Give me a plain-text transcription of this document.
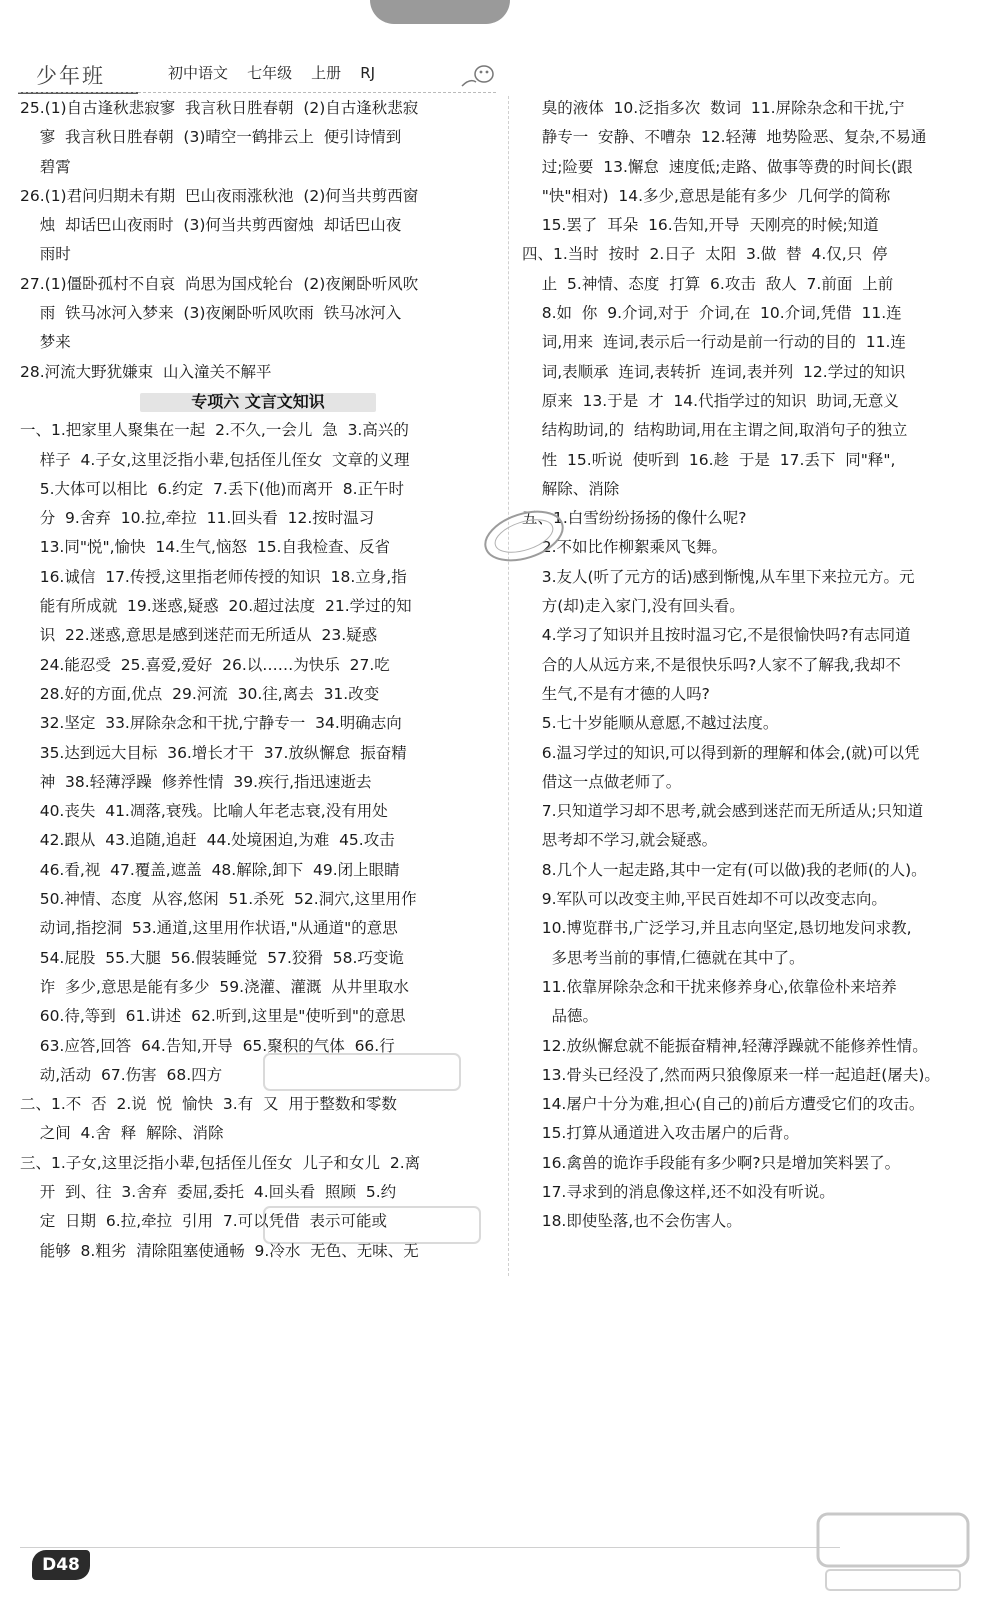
少年班	初中语文    七年级    上册    RJ
25.(1)自古逢秋悲寂寥  我言秋日胜春朝  (2)自古逢秋悲寂
寥  我言秋日胜春朝  (3)晴空一鹤排云上  便引诗情到
碧霄
26.(1)君问归期未有期  巴山夜雨涨秋池  (2)何当共剪西窗
烛  却话巴山夜雨时  (3)何当共剪西窗烛  却话巴山夜
雨时
27.(1)僵卧孤村不自哀  尚思为国戍轮台  (2)夜阑卧听风吹
雨  铁马冰河入梦来  (3)夜阑卧听风吹雨  铁马冰河入
梦来
28.河流大野犹嫌束  山入潼关不解平
专项六 文言文知识
一、1.把家里人聚集在一起  2.不久,一会儿  急  3.高兴的
样子  4.子女,这里泛指小辈,包括侄儿侄女  文章的义理
5.大体可以相比  6.约定  7.丢下(他)而离开  8.正午时
分  9.舍弃  10.拉,牵拉  11.回头看  12.按时温习
13.同"悦",愉快  14.生气,恼怒  15.自我检查、反省
16.诚信  17.传授,这里指老师传授的知识  18.立身,指
能有所成就  19.迷惑,疑惑  20.超过法度  21.学过的知
识  22.迷惑,意思是感到迷茫而无所适从  23.疑惑
24.能忍受  25.喜爱,爱好  26.以……为快乐  27.吃
28.好的方面,优点  29.河流  30.往,离去  31.改变
32.坚定  33.屏除杂念和干扰,宁静专一  34.明确志向
35.达到远大目标  36.增长才干  37.放纵懈怠  振奋精
神  38.轻薄浮躁  修养性情  39.疾行,指迅速逝去
40.丧失  41.凋落,衰残。比喻人年老志衰,没有用处
42.跟从  43.追随,追赶  44.处境困迫,为难  45.攻击
46.看,视  47.覆盖,遮盖  48.解除,卸下  49.闭上眼睛
50.神情、态度  从容,悠闲  51.杀死  52.洞穴,这里用作
动词,指挖洞  53.通道,这里用作状语,"从通道"的意思
54.屁股  55.大腿  56.假装睡觉  57.狡猾  58.巧变诡
诈  多少,意思是能有多少  59.浇灌、灌溉  从井里取水
60.待,等到  61.讲述  62.听到,这里是"使听到"的意思
63.应答,回答  64.告知,开导  65.聚积的气体  66.行
动,活动  67.伤害  68.四方
二、1.不  否  2.说  悦  愉快  3.有  又  用于整数和零数
之间  4.舍  释  解除、消除
三、1.子女,这里泛指小辈,包括侄儿侄女  儿子和女儿  2.离
开  到、往  3.舍弃  委屈,委托  4.回头看  照顾  5.约
定  日期  6.拉,牵拉  引用  7.可以凭借  表示可能或
能够  8.粗劣  清除阻塞使通畅  9.冷水  无色、无味、无
臭的液体  10.泛指多次  数词  11.屏除杂念和干扰,宁
静专一  安静、不嘈杂  12.轻薄  地势险恶、复杂,不易通
过;险要  13.懈怠  速度低;走路、做事等费的时间长(跟
"快"相对)  14.多少,意思是能有多少  几何学的简称
15.罢了  耳朵  16.告知,开导  天刚亮的时候;知道
四、1.当时  按时  2.日子  太阳  3.做  替  4.仅,只  停
止  5.神情、态度  打算  6.攻击  敌人  7.前面  上前
8.如  你  9.介词,对于  介词,在  10.介词,凭借  11.连
词,用来  连词,表示后一行动是前一行动的目的  11.连
词,表顺承  连词,表转折  连词,表并列  12.学过的知识
原来  13.于是  才  14.代指学过的知识  助词,无意义
结构助词,的  结构助词,用在主谓之间,取消句子的独立
性  15.听说  使听到  16.趁  于是  17.丢下  同"释",
解除、消除
五、1.白雪纷纷扬扬的像什么呢?
2.不如比作柳絮乘风飞舞。
3.友人(听了元方的话)感到惭愧,从车里下来拉元方。元
方(却)走入家门,没有回头看。
4.学习了知识并且按时温习它,不是很愉快吗?有志同道
合的人从远方来,不是很快乐吗?人家不了解我,我却不
生气,不是有才德的人吗?
5.七十岁能顺从意愿,不越过法度。
6.温习学过的知识,可以得到新的理解和体会,(就)可以凭
借这一点做老师了。
7.只知道学习却不思考,就会感到迷茫而无所适从;只知道
思考却不学习,就会疑惑。
8.几个人一起走路,其中一定有(可以做)我的老师(的人)。
9.军队可以改变主帅,平民百姓却不可以改变志向。
10.博览群书,广泛学习,并且志向坚定,恳切地发问求教,
多思考当前的事情,仁德就在其中了。
11.依靠屏除杂念和干扰来修养身心,依靠俭朴来培养
品德。
12.放纵懈怠就不能振奋精神,轻薄浮躁就不能修养性情。
13.骨头已经没了,然而两只狼像原来一样一起追赶(屠夫)。
14.屠户十分为难,担心(自己的)前后方遭受它们的攻击。
15.打算从通道进入攻击屠户的后背。
16.禽兽的诡诈手段能有多少啊?只是增加笑料罢了。
17.寻求到的消息像这样,还不如没有听说。
18.即使坠落,也不会伤害人。
D48
